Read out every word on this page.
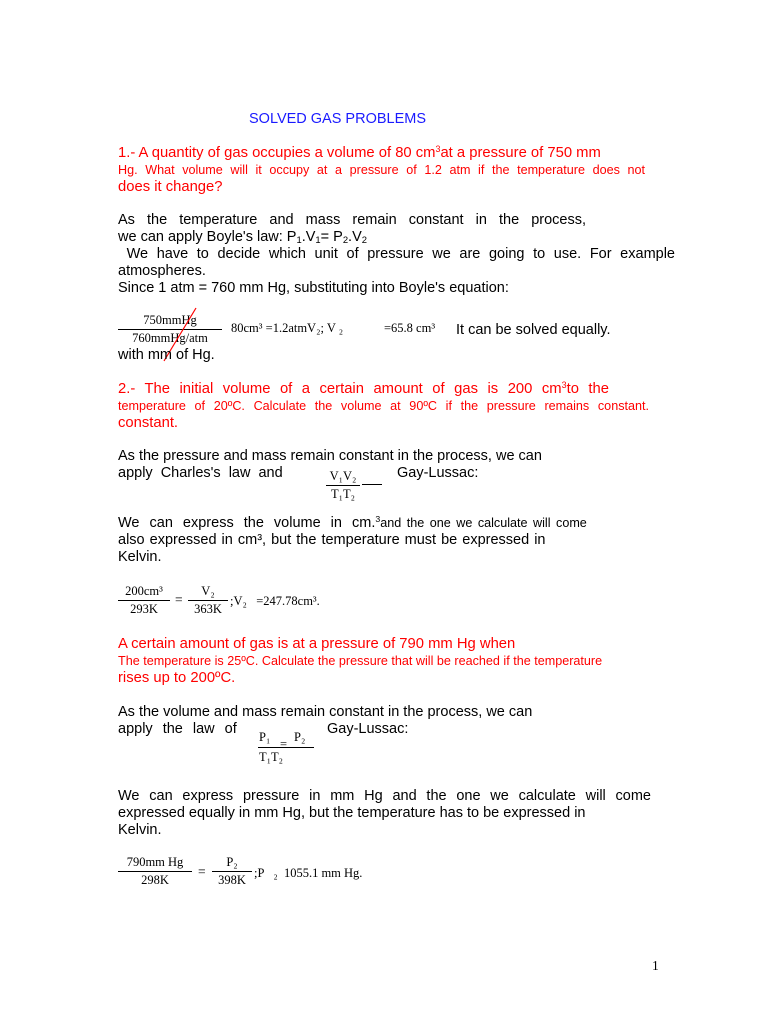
SOLVED GAS PROBLEMS
1.- A quantity of gas occupies a volume of 80 $cm^3at$ a pressure of 750 mm
Hg. What volume will it occupy at a pressure of 1.2 atm if the temperature does not
does it change?
As the temperature and mass remain constant in the process,
we can apply Boyle's law: $P_1.V_1= P_2.V_2$
We have to decide which unit of pressure we are going to use. For example
atmospheres.
Since 1 atm = 760 mm Hg, substituting into Boyle's equation:
750mmHg
760mmHg/atm
80cm³ =1.2atmV₂; V ₂	=65.8 cm³ It can be solved equally.
with mm of Hg.
2.- The initial volume of a certain amount of gas is 200 $cm^3to$ the
temperature of 20ºC. Calculate the volume at 90ºC if the pressure remains constant.
constant.
As the pressure and mass remain constant in the process, we can
apply Charles's law and	Gay-Lussac:
V₁V₂
T₁T₂
We can express the volume in cm.$^3$and the one we calculate will come
also expressed in cm³, but the temperature must be expressed in
Kelvin.
200cm³
293K
=
V₂
363K
;V₂   =247.78cm³.
A certain amount of gas is at a pressure of 790 mm Hg when
The temperature is 25ºC. Calculate the pressure that will be reached if the temperature
rises up to 200ºC.
As the volume and mass remain constant in the process, we can
apply the law of	Gay-Lussac:
P₁ = P₂
T₁T₂
We can express pressure in mm Hg and the one we calculate will come
expressed equally in mm Hg, but the temperature has to be expressed in
Kelvin.
790mm Hg
298K
=
P₂
398K ;P   ₂  1055.1 mm Hg.
1
